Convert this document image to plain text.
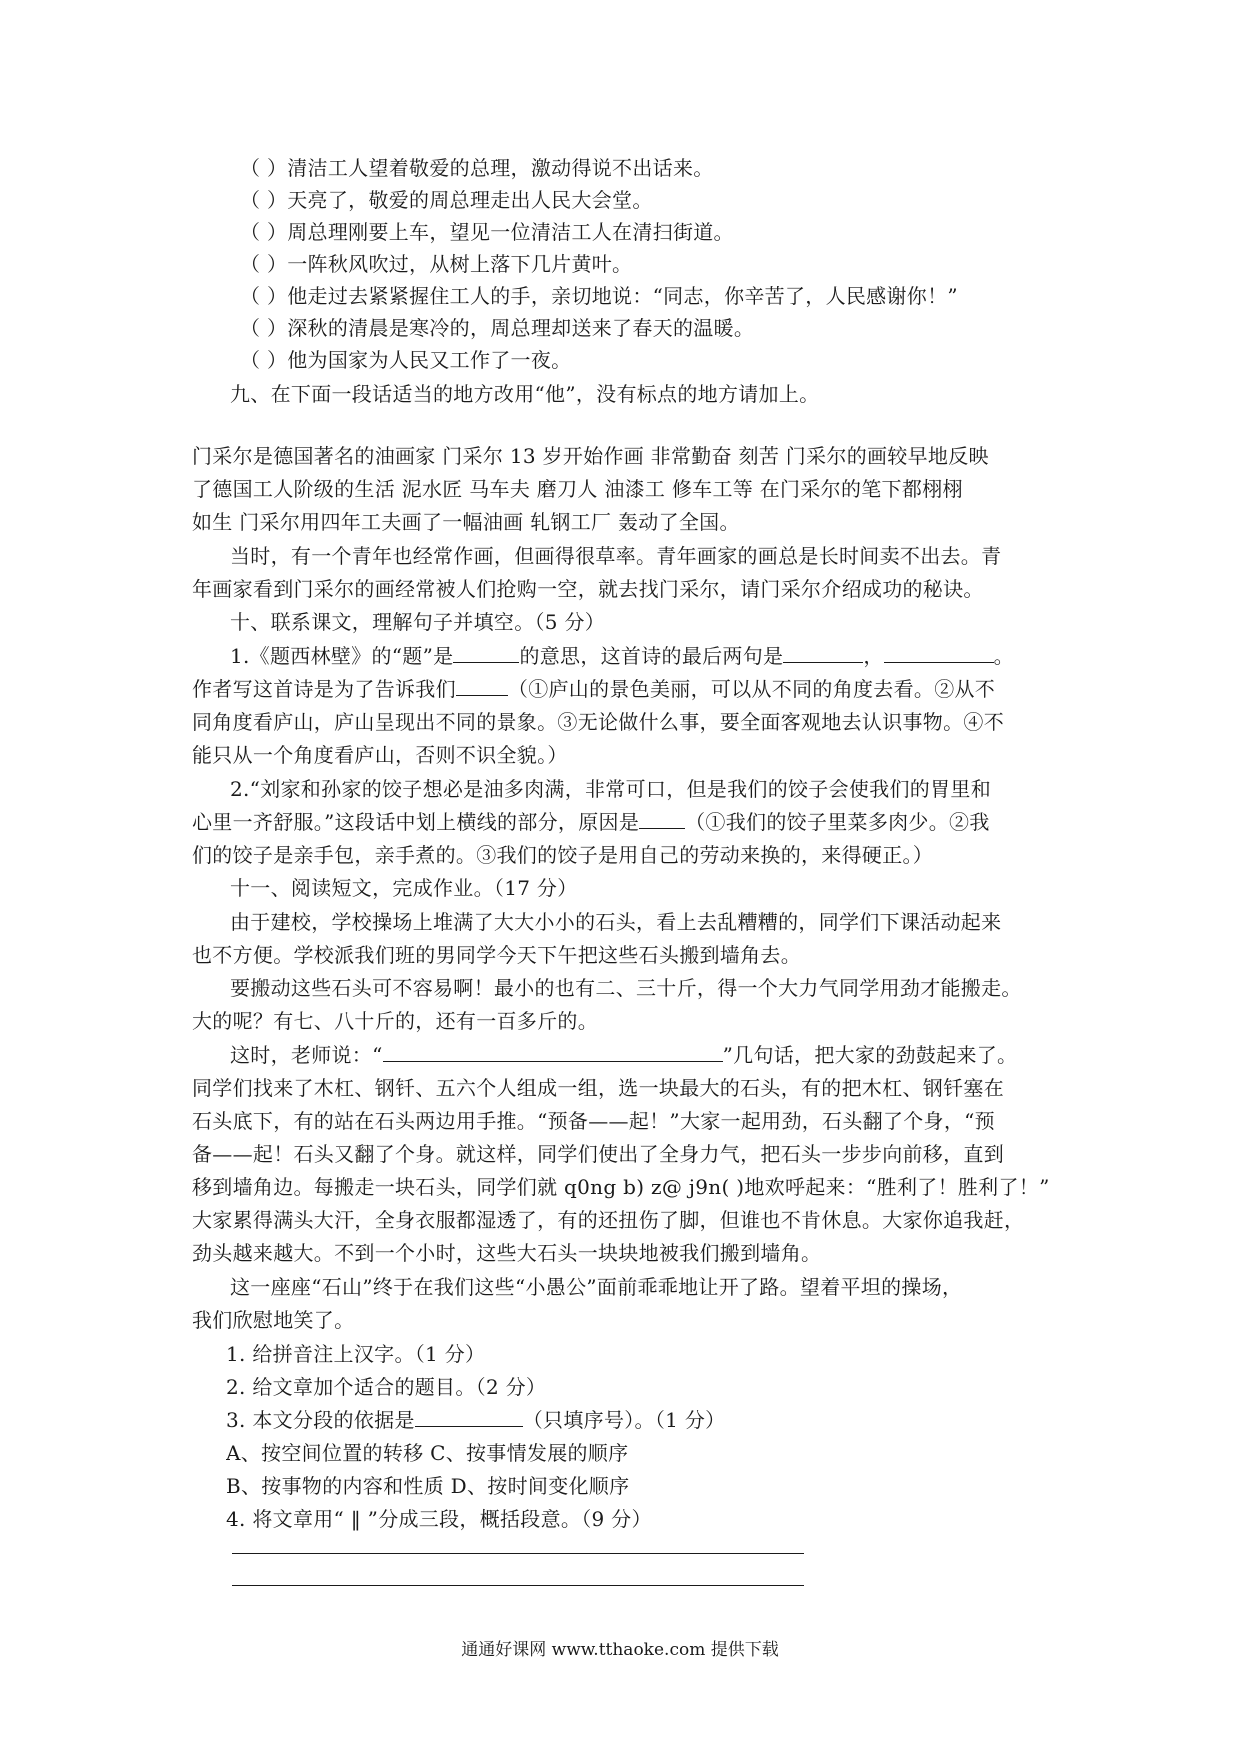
（ ）清洁工人望着敬爱的总理，激动得说不出话来。
（ ）天亮了，敬爱的周总理走出人民大会堂。
（ ）周总理刚要上车，望见一位清洁工人在清扫街道。
（ ）一阵秋风吹过，从树上落下几片黄叶。
（ ）他走过去紧紧握住工人的手，亲切地说：“同志，你辛苦了，人民感谢你！”
（ ）深秋的清晨是寒冷的，周总理却送来了春天的温暖。
（ ）他为国家为人民又工作了一夜。
九、在下面一段话适当的地方改用“他”，没有标点的地方请加上。
门采尔是德国著名的油画家 门采尔 13 岁开始作画 非常勤奋 刻苦 门采尔的画较早地反映
了德国工人阶级的生活 泥水匠 马车夫 磨刀人 油漆工 修车工等 在门采尔的笔下都栩栩
如生 门采尔用四年工夫画了一幅油画 轧钢工厂 轰动了全国。
当时，有一个青年也经常作画，但画得很草率。青年画家的画总是长时间卖不出去。青
年画家看到门采尔的画经常被人们抢购一空，就去找门采尔，请门采尔介绍成功的秘诀。
十、联系课文，理解句子并填空。（5 分）
1.《题西林壁》的“题”是	的意思，这首诗的最后两句是	，	。
作者写这首诗是为了告诉我们	（①庐山的景色美丽，可以从不同的角度去看。②从不
同角度看庐山，庐山呈现出不同的景象。③无论做什么事，要全面客观地去认识事物。④不
能只从一个角度看庐山，否则不识全貌。）
2.“刘家和孙家的饺子想必是油多肉满，非常可口，但是我们的饺子会使我们的胃里和
心里一齐舒服。”这段话中划上横线的部分，原因是 （①我们的饺子里菜多肉少。②我
们的饺子是亲手包，亲手煮的。③我们的饺子是用自己的劳动来换的，来得硬正。）
十一、阅读短文，完成作业。（17 分）
由于建校，学校操场上堆满了大大小小的石头，看上去乱糟糟的，同学们下课活动起来
也不方便。学校派我们班的男同学今天下午把这些石头搬到墙角去。
要搬动这些石头可不容易啊！最小的也有二、三十斤，得一个大力气同学用劲才能搬走。
大的呢？有七、八十斤的，还有一百多斤的。
这时，老师说：“	”几句话，把大家的劲鼓起来了。
同学们找来了木杠、钢钎、五六个人组成一组，选一块最大的石头，有的把木杠、钢钎塞在
石头底下，有的站在石头两边用手推。“预备——起！”大家一起用劲，石头翻了个身，“预
备——起！石头又翻了个身。就这样，同学们使出了全身力气，把石头一步步向前移，直到
移到墙角边。每搬走一块石头，同学们就 q0ng b) z@ j9n( )地欢呼起来：“胜利了！胜利了！”
大家累得满头大汗，全身衣服都湿透了，有的还扭伤了脚，但谁也不肯休息。大家你追我赶，
劲头越来越大。不到一个小时，这些大石头一块块地被我们搬到墙角。
这一座座“石山”终于在我们这些“小愚公”面前乖乖地让开了路。望着平坦的操场，
我们欣慰地笑了。
1. 给拼音注上汉字。（1 分）
2. 给文章加个适合的题目。（2 分）
3. 本文分段的依据是	（只填序号）。（1 分）
A、按空间位置的转移 C、按事情发展的顺序
B、按事物的内容和性质 D、按时间变化顺序
4. 将文章用“ ‖ ”分成三段，概括段意。（9 分）
通通好课网 www.tthaoke.com 提供下载
